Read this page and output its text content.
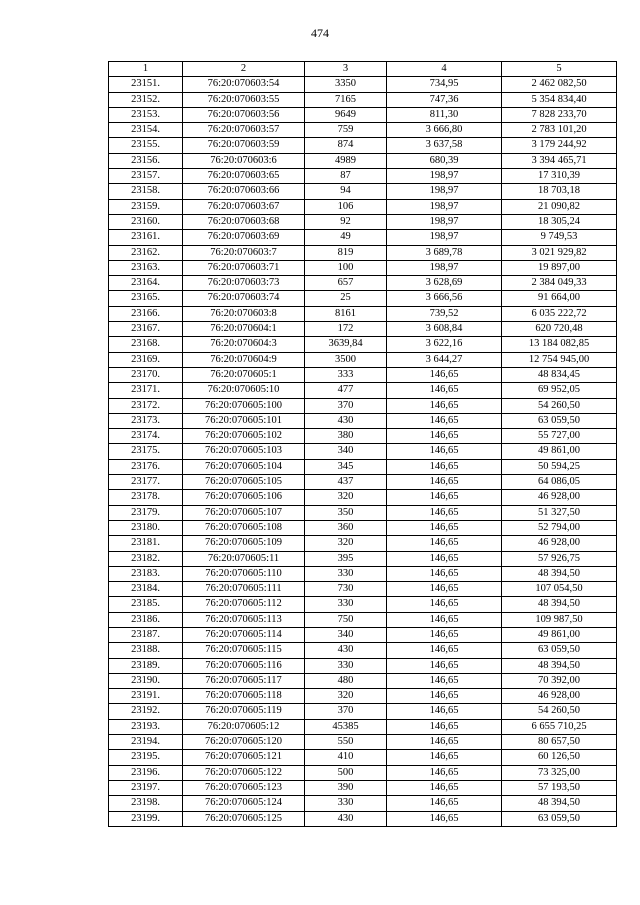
474
1	2	3	4	5
23151.	76:20:070603:54	3350	734,95	2 462 082,50
23152.	76:20:070603:55	7165	747,36	5 354 834,40
23153.	76:20:070603:56	9649	811,30	7 828 233,70
23154.	76:20:070603:57	759	3 666,80	2 783 101,20
23155.	76:20:070603:59	874	3 637,58	3 179 244,92
23156.	76:20:070603:6	4989	680,39	3 394 465,71
23157.	76:20:070603:65	87	198,97	17 310,39
23158.	76:20:070603:66	94	198,97	18 703,18
23159.	76:20:070603:67	106	198,97	21 090,82
23160.	76:20:070603:68	92	198,97	18 305,24
23161.	76:20:070603:69	49	198,97	9 749,53
23162.	76:20:070603:7	819	3 689,78	3 021 929,82
23163.	76:20:070603:71	100	198,97	19 897,00
23164.	76:20:070603:73	657	3 628,69	2 384 049,33
23165.	76:20:070603:74	25	3 666,56	91 664,00
23166.	76:20:070603:8	8161	739,52	6 035 222,72
23167.	76:20:070604:1	172	3 608,84	620 720,48
23168.	76:20:070604:3	3639,84	3 622,16	13 184 082,85
23169.	76:20:070604:9	3500	3 644,27	12 754 945,00
23170.	76:20:070605:1	333	146,65	48 834,45
23171.	76:20:070605:10	477	146,65	69 952,05
23172.	76:20:070605:100	370	146,65	54 260,50
23173.	76:20:070605:101	430	146,65	63 059,50
23174.	76:20:070605:102	380	146,65	55 727,00
23175.	76:20:070605:103	340	146,65	49 861,00
23176.	76:20:070605:104	345	146,65	50 594,25
23177.	76:20:070605:105	437	146,65	64 086,05
23178.	76:20:070605:106	320	146,65	46 928,00
23179.	76:20:070605:107	350	146,65	51 327,50
23180.	76:20:070605:108	360	146,65	52 794,00
23181.	76:20:070605:109	320	146,65	46 928,00
23182.	76:20:070605:11	395	146,65	57 926,75
23183.	76:20:070605:110	330	146,65	48 394,50
23184.	76:20:070605:111	730	146,65	107 054,50
23185.	76:20:070605:112	330	146,65	48 394,50
23186.	76:20:070605:113	750	146,65	109 987,50
23187.	76:20:070605:114	340	146,65	49 861,00
23188.	76:20:070605:115	430	146,65	63 059,50
23189.	76:20:070605:116	330	146,65	48 394,50
23190.	76:20:070605:117	480	146,65	70 392,00
23191.	76:20:070605:118	320	146,65	46 928,00
23192.	76:20:070605:119	370	146,65	54 260,50
23193.	76:20:070605:12	45385	146,65	6 655 710,25
23194.	76:20:070605:120	550	146,65	80 657,50
23195.	76:20:070605:121	410	146,65	60 126,50
23196.	76:20:070605:122	500	146,65	73 325,00
23197.	76:20:070605:123	390	146,65	57 193,50
23198.	76:20:070605:124	330	146,65	48 394,50
23199.	76:20:070605:125	430	146,65	63 059,50
